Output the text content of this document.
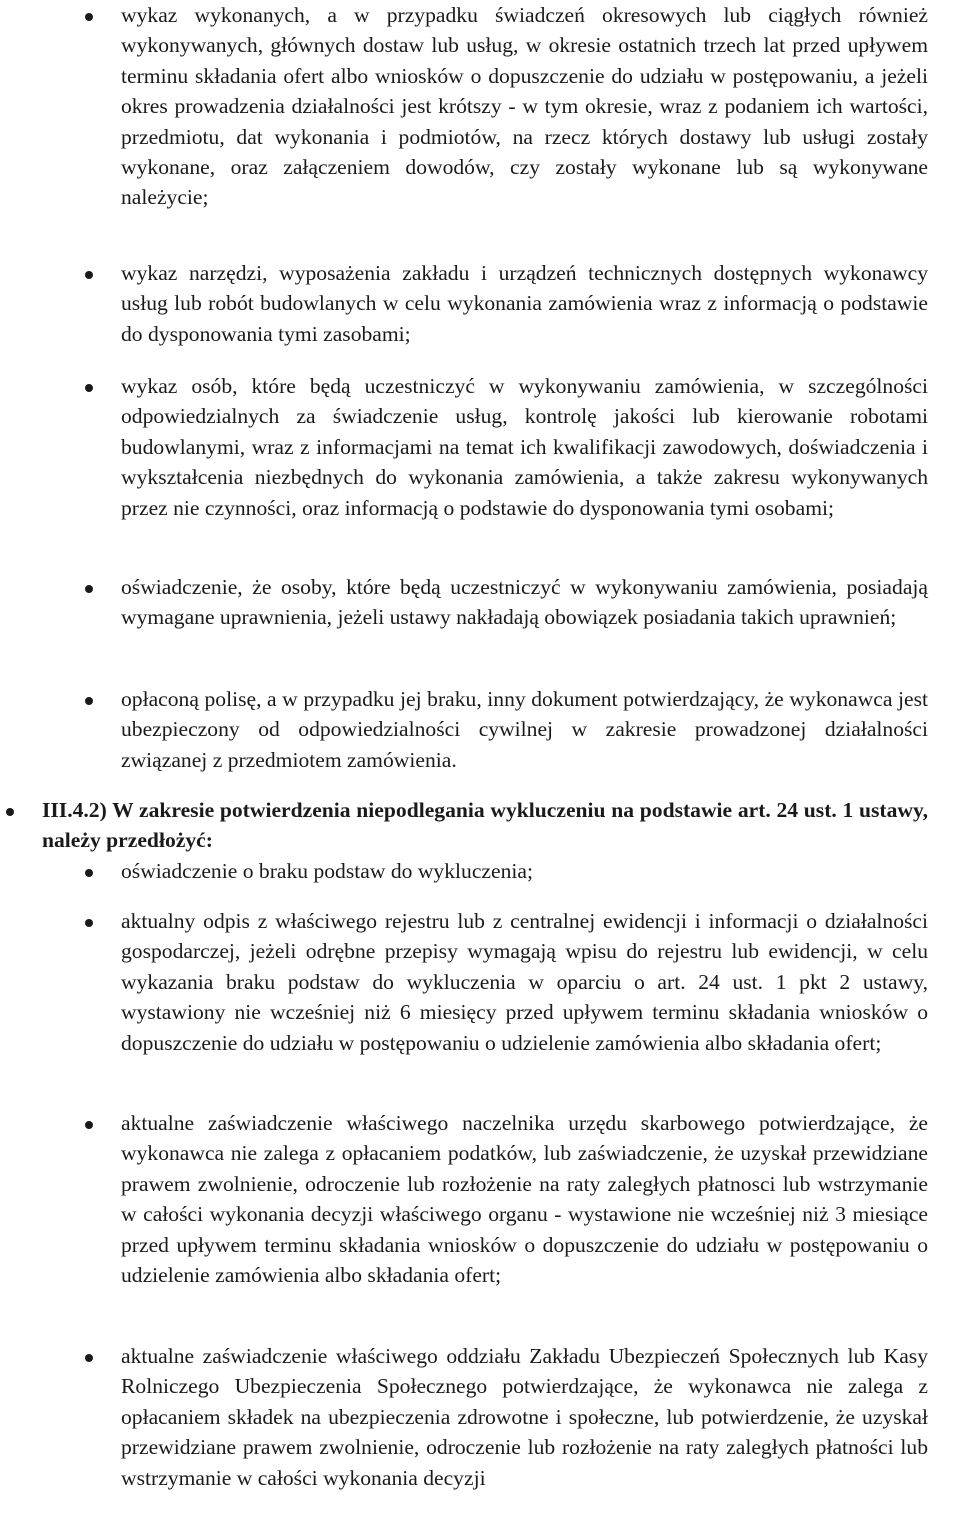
wykaz wykonanych, a w przypadku świadczeń okresowych lub ciągłych również wykonywanych, głównych dostaw lub usług, w okresie ostatnich trzech lat przed upływem terminu składania ofert albo wniosków o dopuszczenie do udziału w postępowaniu, a jeżeli okres prowadzenia działalności jest krótszy - w tym okresie, wraz z podaniem ich wartości, przedmiotu, dat wykonania i podmiotów, na rzecz których dostawy lub usługi zostały wykonane, oraz załączeniem dowodów, czy zostały wykonane lub są wykonywane należycie;
wykaz narzędzi, wyposażenia zakładu i urządzeń technicznych dostępnych wykonawcy usług lub robót budowlanych w celu wykonania zamówienia wraz z informacją o podstawie do dysponowania tymi zasobami;
wykaz osób, które będą uczestniczyć w wykonywaniu zamówienia, w szczególności odpowiedzialnych za świadczenie usług, kontrolę jakości lub kierowanie robotami budowlanymi, wraz z informacjami na temat ich kwalifikacji zawodowych, doświadczenia i wykształcenia niezbędnych do wykonania zamówienia, a także zakresu wykonywanych przez nie czynności, oraz informacją o podstawie do dysponowania tymi osobami;
oświadczenie, że osoby, które będą uczestniczyć w wykonywaniu zamówienia, posiadają wymagane uprawnienia, jeżeli ustawy nakładają obowiązek posiadania takich uprawnień;
opłaconą polisę, a w przypadku jej braku, inny dokument potwierdzający, że wykonawca jest ubezpieczony od odpowiedzialności cywilnej w zakresie prowadzonej działalności związanej z przedmiotem zamówienia.
III.4.2) W zakresie potwierdzenia niepodlegania wykluczeniu na podstawie art. 24 ust. 1 ustawy, należy przedłożyć:
oświadczenie o braku podstaw do wykluczenia;
aktualny odpis z właściwego rejestru lub z centralnej ewidencji i informacji o działalności gospodarczej, jeżeli odrębne przepisy wymagają wpisu do rejestru lub ewidencji, w celu wykazania braku podstaw do wykluczenia w oparciu o art. 24 ust. 1 pkt 2 ustawy, wystawiony nie wcześniej niż 6 miesięcy przed upływem terminu składania wniosków o dopuszczenie do udziału w postępowaniu o udzielenie zamówienia albo składania ofert;
aktualne zaświadczenie właściwego naczelnika urzędu skarbowego potwierdzające, że wykonawca nie zalega z opłacaniem podatków, lub zaświadczenie, że uzyskał przewidziane prawem zwolnienie, odroczenie lub rozłożenie na raty zaległych płatnosci lub wstrzymanie w całości wykonania decyzji właściwego organu - wystawione nie wcześniej niż 3 miesiące przed upływem terminu składania wniosków o dopuszczenie do udziału w postępowaniu o udzielenie zamówienia albo składania ofert;
aktualne zaświadczenie właściwego oddziału Zakładu Ubezpieczeń Społecznych lub Kasy Rolniczego Ubezpieczenia Społecznego potwierdzające, że wykonawca nie zalega z opłacaniem składek na ubezpieczenia zdrowotne i społeczne, lub potwierdzenie, że uzyskał przewidziane prawem zwolnienie, odroczenie lub rozłożenie na raty zaległych płatności lub wstrzymanie w całości wykonania decyzji
